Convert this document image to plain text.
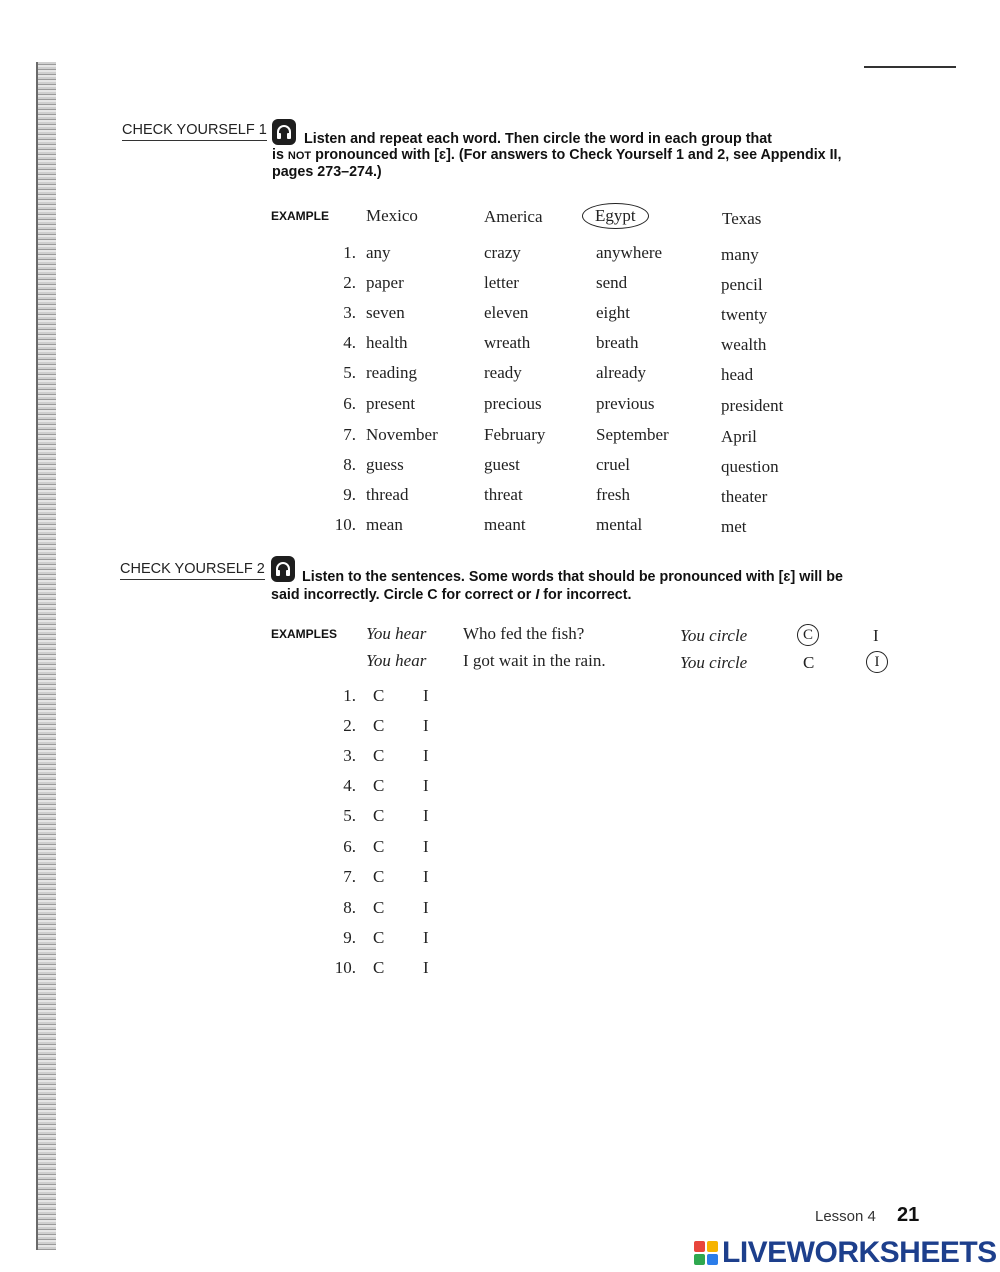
CHECK YOURSELF 1
Listen and repeat each word. Then circle the word in each group that
is NOT pronounced with [ɛ]. (For answers to Check Yourself 1 and 2, see Appendix II,
pages 273–274.)
EXAMPLE Mexico	America	Egypt	Texas
1. any	crazy	anywhere	many
2. paper	letter	send	pencil
3. seven	eleven	eight	twenty
4. health	wreath	breath	wealth
5. reading	ready	already	head
6. present	precious	previous	president
7. November	February	September	April
8. guess	guest	cruel	question
9. thread	threat	fresh	theater
10. mean	meant	mental	met
CHECK YOURSELF 2	Listen to the sentences. Some words that should be pronounced with [ɛ] will be
said incorrectly. Circle C for correct or I for incorrect.
EXAMPLES You hear Who fed the fish?	You circle	C	I
You hear I got wait in the rain.	You circle	C	I
1. C I
2. C I
3. C I
4. C I
5. C I
6. C I
7. C I
8. C I
9. C I
10. C I
Lesson 4 21
LIVEWORKSHEETS
